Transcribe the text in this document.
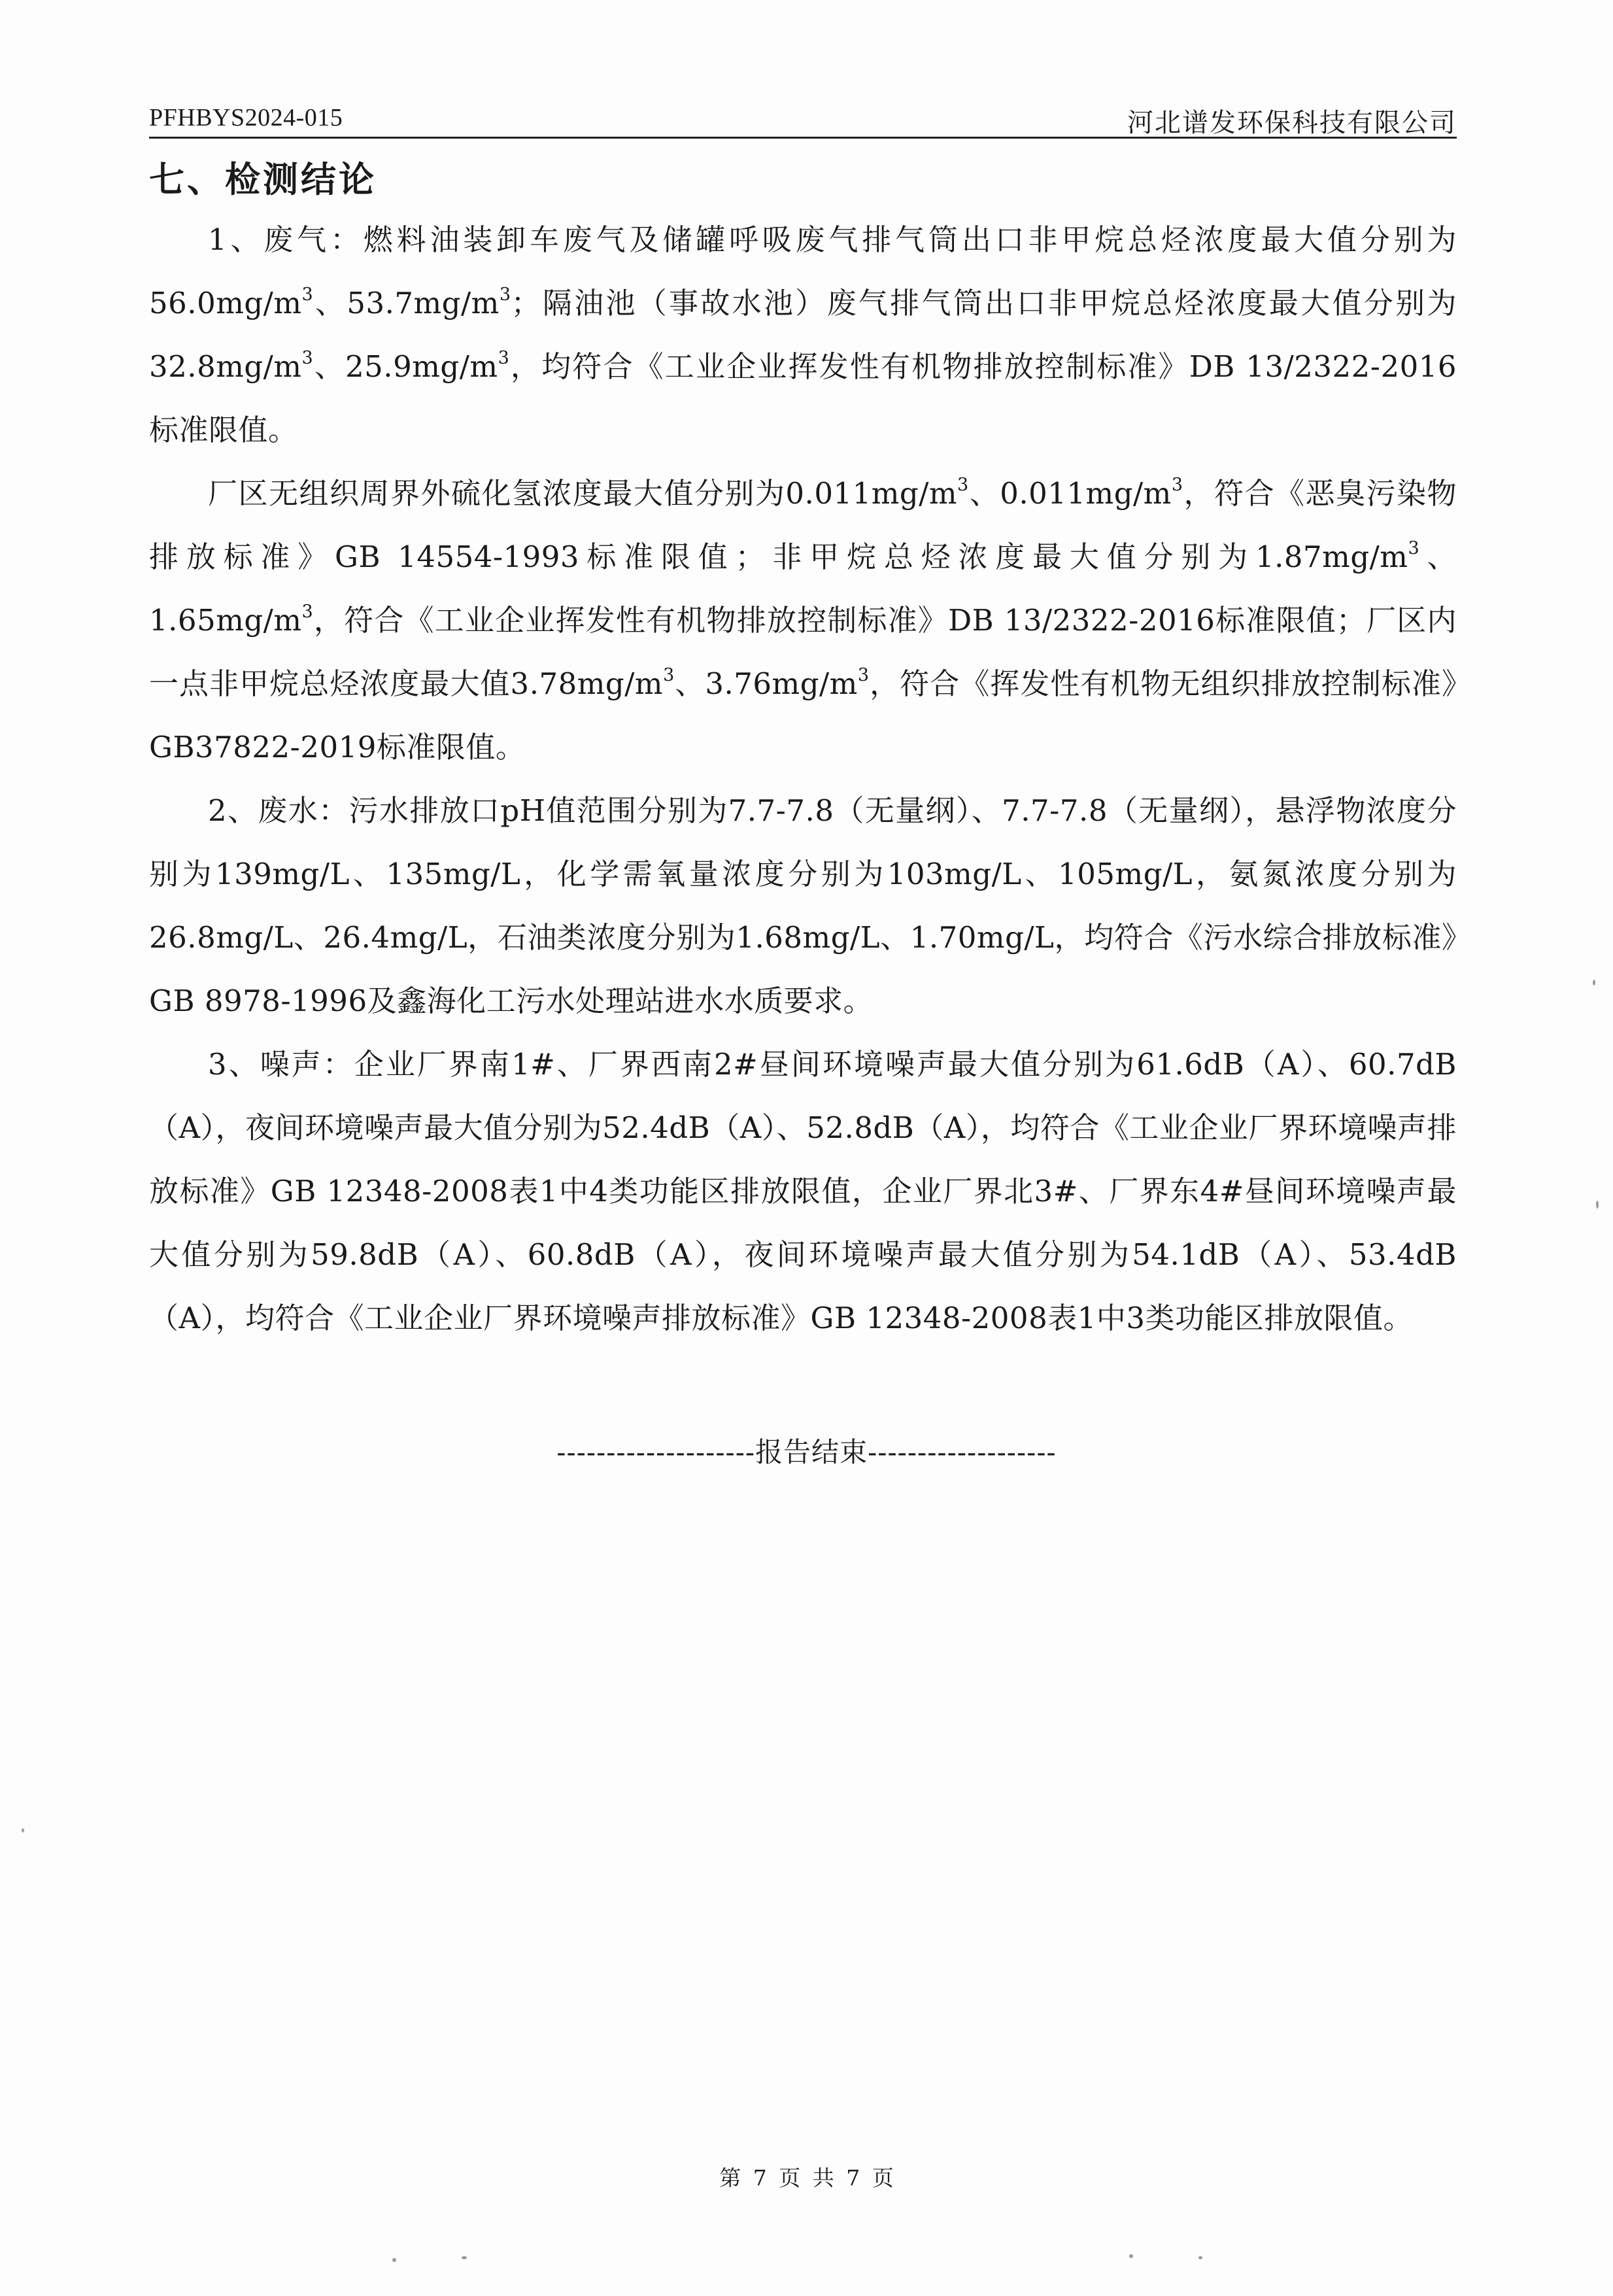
PFHBYS2024-015	河北谱发环保科技有限公司
七、检测结论

1、废气：燃料油装卸车废气及储罐呼吸废气排气筒出口非甲烷总烃浓度最大值分别为$56.0mg/m^3$、$53.7mg/m^3$；隔油池（事故水池）废气排气筒出口非甲烷总烃浓度最大值分别为$32.8mg/m^3$、$25.9mg/m^3$，均符合《工业企业挥发性有机物排放控制标准》DB 13/2322-2016标准限值。

厂区无组织周界外硫化氢浓度最大值分别为$0.011mg/m^3$、$0.011mg/m^3$，符合《恶臭污染物排放标准》GB 14554-1993标准限值；非甲烷总烃浓度最大值分别为$1.87mg/m^3$、$1.65mg/m^3$，符合《工业企业挥发性有机物排放控制标准》DB 13/2322-2016标准限值；厂区内一点非甲烷总烃浓度最大值$3.78mg/m^3$、$3.76mg/m^3$，符合《挥发性有机物无组织排放控制标准》GB37822-2019标准限值。

2、废水：污水排放口pH值范围分别为7.7-7.8（无量纲）、7.7-7.8（无量纲），悬浮物浓度分别为139mg/L、135mg/L，化学需氧量浓度分别为103mg/L、105mg/L，氨氮浓度分别为26.8mg/L、26.4mg/L，石油类浓度分别为1.68mg/L、1.70mg/L，均符合《污水综合排放标准》GB 8978-1996及鑫海化工污水处理站进水水质要求。

3、噪声：企业厂界南1#、厂界西南2#昼间环境噪声最大值分别为61.6dB（A）、60.7dB（A），夜间环境噪声最大值分别为52.4dB（A）、52.8dB（A），均符合《工业企业厂界环境噪声排放标准》GB 12348-2008表1中4类功能区排放限值，企业厂界北3#、厂界东4#昼间环境噪声最大值分别为59.8dB（A）、60.8dB（A），夜间环境噪声最大值分别为54.1dB（A）、53.4dB（A），均符合《工业企业厂界环境噪声排放标准》GB 12348-2008表1中3类功能区排放限值。

--------------------报告结束-------------------
第 7 页 共 7 页
